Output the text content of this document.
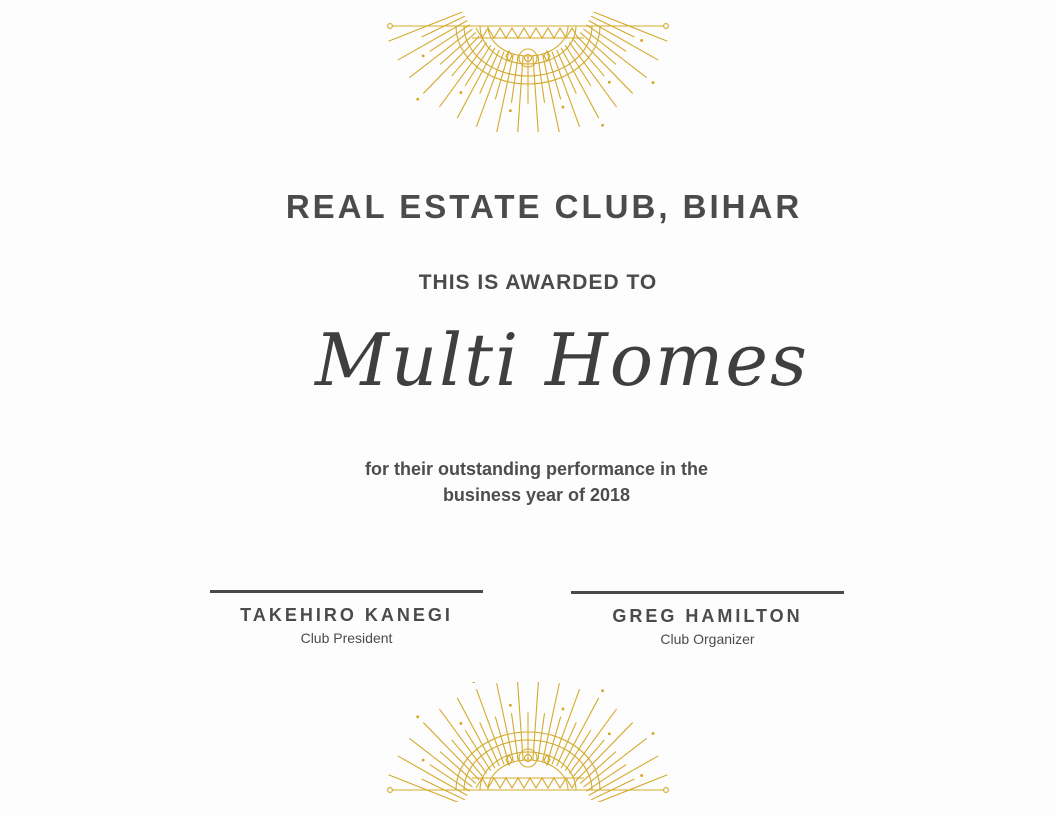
REAL ESTATE CLUB, BIHAR
THIS IS AWARDED TO
Multi Homes
for their outstanding performance in the
business year of 2018
TAKEHIRO KANEGI
Club President
GREG HAMILTON
Club Organizer
